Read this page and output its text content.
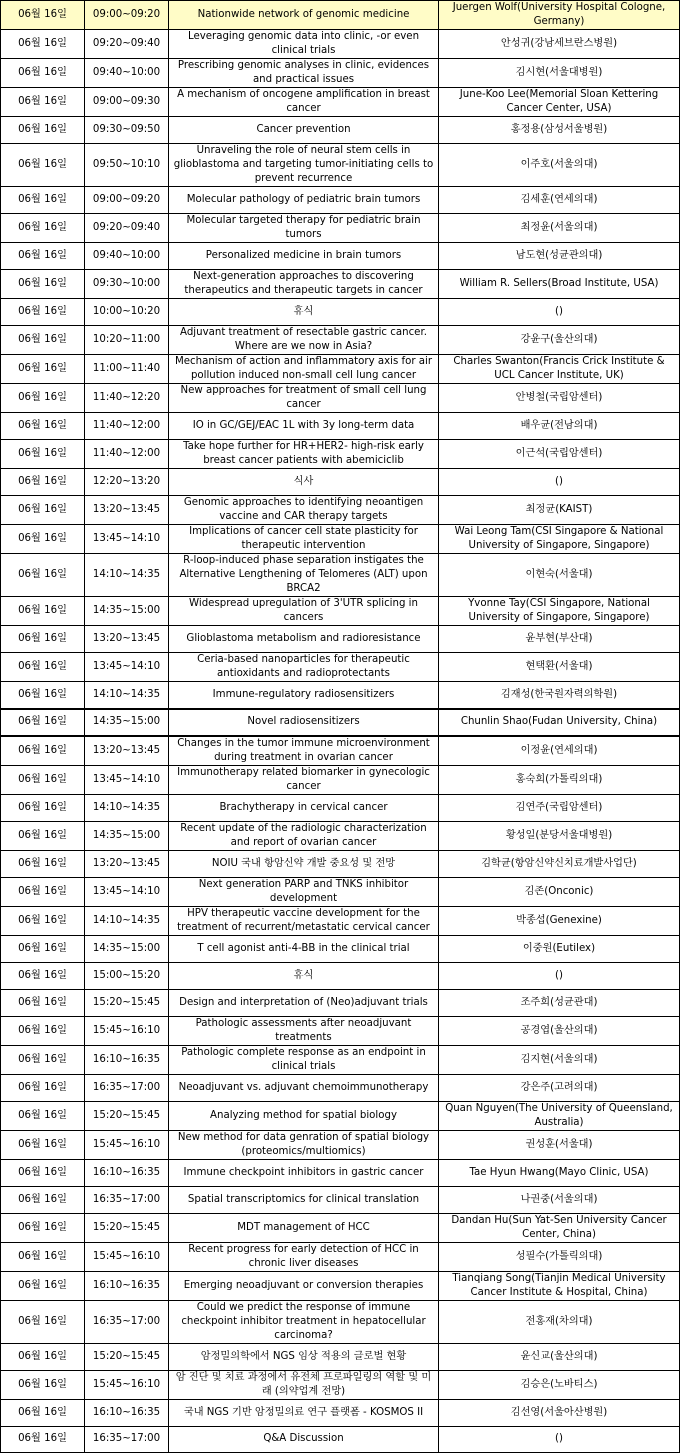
06월 16일	09:00~09:20	Nationwide network of genomic medicine	Juergen Wolf(University Hospital Cologne, Germany)
06월 16일	09:20~09:40	Leveraging genomic data into clinic, -or even clinical trials	안성귀(강남세브란스병원)
06월 16일	09:40~10:00	Prescribing genomic analyses in clinic, evidences and practical issues	김시현(서울대병원)
06월 16일	09:00~09:30	A mechanism of oncogene amplification in breast cancer	June-Koo Lee(Memorial Sloan Kettering Cancer Center, USA)
06월 16일	09:30~09:50	Cancer prevention	홍정용(삼성서울병원)
06월 16일	09:50~10:10	Unraveling the role of neural stem cells in glioblastoma and targeting tumor-initiating cells to prevent recurrence	이주호(서울의대)
06월 16일	09:00~09:20	Molecular pathology of pediatric brain tumors	김세훈(연세의대)
06월 16일	09:20~09:40	Molecular targeted therapy for pediatric brain tumors	최정윤(서울의대)
06월 16일	09:40~10:00	Personalized medicine in brain tumors	남도현(성균관의대)
06월 16일	09:30~10:00	Next-generation approaches to discovering therapeutics and therapeutic targets in cancer	William R. Sellers(Broad Institute, USA)
06월 16일	10:00~10:20	휴식	()
06월 16일	10:20~11:00	Adjuvant treatment of resectable gastric cancer. Where are we now in Asia?	강윤구(울산의대)
06월 16일	11:00~11:40	Mechanism of action and inflammatory axis for air pollution induced non-small cell lung cancer	Charles Swanton(Francis Crick Institute & UCL Cancer Institute, UK)
06월 16일	11:40~12:20	New approaches for treatment of small cell lung cancer	안병철(국립암센터)
06월 16일	11:40~12:00	IO in GC/GEJ/EAC 1L with 3y long-term data	배우균(전남의대)
06월 16일	11:40~12:00	Take hope further for HR+HER2- high-risk early breast cancer patients with abemiciclib	이근석(국립암센터)
06월 16일	12:20~13:20	식사	()
06월 16일	13:20~13:45	Genomic approaches to identifying neoantigen vaccine and CAR therapy targets	최정균(KAIST)
06월 16일	13:45~14:10	Implications of cancer cell state plasticity for therapeutic intervention	Wai Leong Tam(CSI Singapore & National University of Singapore, Singapore)
06월 16일	14:10~14:35	R-loop-induced phase separation instigates the Alternative Lengthening of Telomeres (ALT) upon BRCA2	이현숙(서울대)
06월 16일	14:35~15:00	Widespread upregulation of 3'UTR splicing in cancers	Yvonne Tay(CSI Singapore, National University of Singapore, Singapore)
06월 16일	13:20~13:45	Glioblastoma metabolism and radioresistance	윤부현(부산대)
06월 16일	13:45~14:10	Ceria-based nanoparticles for therapeutic antioxidants and radioprotectants	현택환(서울대)
06월 16일	14:10~14:35	Immune-regulatory radiosensitizers	김재성(한국원자력의학원)
06월 16일	14:35~15:00	Novel radiosensitizers	Chunlin Shao(Fudan University, China)
06월 16일	13:20~13:45	Changes in the tumor immune microenvironment during treatment in ovarian cancer	이정윤(연세의대)
06월 16일	13:45~14:10	Immunotherapy related biomarker in gynecologic cancer	홍숙희(가톨릭의대)
06월 16일	14:10~14:35	Brachytherapy in cervical cancer	김연주(국립암센터)
06월 16일	14:35~15:00	Recent update of the radiologic characterization and report of ovarian cancer	황성일(분당서울대병원)
06월 16일	13:20~13:45	NOIU 국내 항암신약 개발 중요성 및 전망	김학균(항암신약신치료개발사업단)
06월 16일	13:45~14:10	Next generation PARP and TNKS inhibitor development	김존(Onconic)
06월 16일	14:10~14:35	HPV therapeutic vaccine development for the treatment of recurrent/metastatic cervical cancer	박종섭(Genexine)
06월 16일	14:35~15:00	T cell agonist anti-4-BB in the clinical trial	이중원(Eutilex)
06월 16일	15:00~15:20	휴식	()
06월 16일	15:20~15:45	Design and interpretation of (Neo)adjuvant trials	조주희(성균관대)
06월 16일	15:45~16:10	Pathologic assessments after neoadjuvant treatments	공경엽(울산의대)
06월 16일	16:10~16:35	Pathologic complete response as an endpoint in clinical trials	김지현(서울의대)
06월 16일	16:35~17:00	Neoadjuvant vs. adjuvant chemoimmunotherapy	강은주(고려의대)
06월 16일	15:20~15:45	Analyzing method for spatial biology	Quan Nguyen(The University of Queensland, Australia)
06월 16일	15:45~16:10	New method for data genration of spatial biology (proteomics/multiomics)	권성훈(서울대)
06월 16일	16:10~16:35	Immune checkpoint inhibitors in gastric cancer	Tae Hyun Hwang(Mayo Clinic, USA)
06월 16일	16:35~17:00	Spatial transcriptomics for clinical translation	나권중(서울의대)
06월 16일	15:20~15:45	MDT management of HCC	Dandan Hu(Sun Yat-Sen University Cancer Center, China)
06월 16일	15:45~16:10	Recent progress for early detection of HCC in chronic liver diseases	성필수(가톨릭의대)
06월 16일	16:10~16:35	Emerging neoadjuvant or conversion therapies	Tianqiang Song(Tianjin Medical University Cancer Institute & Hospital, China)
06월 16일	16:35~17:00	Could we predict the response of immune checkpoint inhibitor treatment in hepatocellular carcinoma?	전홍재(차의대)
06월 16일	15:20~15:45	암정밀의학에서 NGS 임상 적용의 글로벌 현황	윤신교(울산의대)
06월 16일	15:45~16:10	암 진단 및 치료 과정에서 유전체 프로파일링의 역할 및 미래 (의약업계 전망)	김승은(노바티스)
06월 16일	16:10~16:35	국내 NGS 기반 암정밀의료 연구 플랫폼 - KOSMOS II	김선영(서울아산병원)
06월 16일	16:35~17:00	Q&A Discussion	()
